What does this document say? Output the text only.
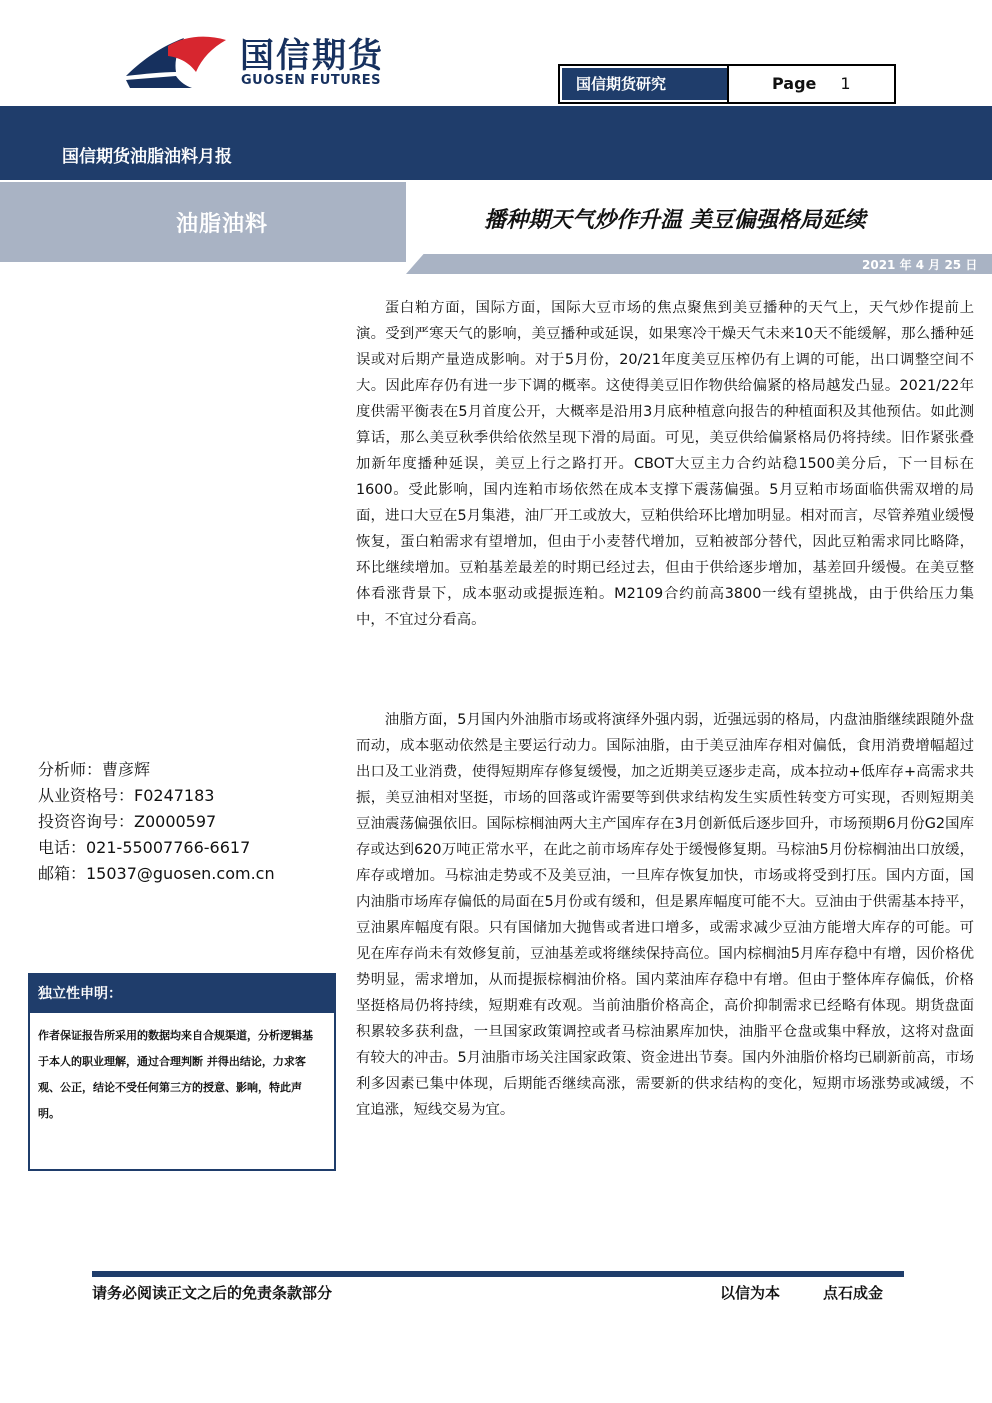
国信期货
GUOSEN FUTURES	国信期货研究	Page 1
国信期货油脂油料月报
油脂油料	播种期天气炒作升温 美豆偏强格局延续
2021 年 4 月 25 日

蛋白粕方面，国际方面，国际大豆市场的焦点聚焦到美豆播种的天气上，天气炒作提前上演。受到严寒天气的影响，美豆播种或延误，如果寒冷干燥天气未来10天不能缓解，那么播种延误或对后期产量造成影响。对于5月份，20/21年度美豆压榨仍有上调的可能，出口调整空间不大。因此库存仍有进一步下调的概率。这使得美豆旧作物供给偏紧的格局越发凸显。2021/22年度供需平衡表在5月首度公开，大概率是沿用3月底种植意向报告的种植面积及其他预估。如此测算话，那么美豆秋季供给依然呈现下滑的局面。可见，美豆供给偏紧格局仍将持续。旧作紧张叠加新年度播种延误，美豆上行之路打开。CBOT大豆主力合约站稳1500美分后，下一目标在1600。受此影响，国内连粕市场依然在成本支撑下震荡偏强。5月豆粕市场面临供需双增的局面，进口大豆在5月集港，油厂开工或放大，豆粕供给环比增加明显。相对而言，尽管养殖业缓慢恢复，蛋白粕需求有望增加，但由于小麦替代增加，豆粕被部分替代，因此豆粕需求同比略降，环比继续增加。豆粕基差最差的时期已经过去，但由于供给逐步增加，基差回升缓慢。在美豆整体看涨背景下，成本驱动或提振连粕。M2109合约前高3800一线有望挑战，由于供给压力集中，不宜过分看高。

油脂方面，5月国内外油脂市场或将演绎外强内弱，近强远弱的格局，内盘油脂继续跟随外盘而动，成本驱动依然是主要运行动力。国际油脂，由于美豆油库存相对偏低，食用消费增幅超过出口及工业消费，使得短期库存修复缓慢，加之近期美豆逐步走高，成本拉动+低库存+高需求共振，美豆油相对坚挺，市场的回落或许需要等到供求结构发生实质性转变方可实现，否则短期美豆油震荡偏强依旧。国际棕榈油两大主产国库存在3月创新低后逐步回升，市场预期6月份G2国库存或达到620万吨正常水平，在此之前市场库存处于缓慢修复期。马棕油5月份棕榈油出口放缓，库存或增加。马棕油走势或不及美豆油，一旦库存恢复加快，市场或将受到打压。国内方面，国内油脂市场库存偏低的局面在5月份或有缓和，但是累库幅度可能不大。豆油由于供需基本持平，豆油累库幅度有限。只有国储加大抛售或者进口增多，或需求减少豆油方能增大库存的可能。可见在库存尚未有效修复前，豆油基差或将继续保持高位。国内棕榈油5月库存稳中有增，因价格优势明显，需求增加，从而提振棕榈油价格。国内菜油库存稳中有增。但由于整体库存偏低，价格坚挺格局仍将持续，短期难有改观。当前油脂价格高企，高价抑制需求已经略有体现。期货盘面积累较多获利盘，一旦国家政策调控或者马棕油累库加快，油脂平仓盘或集中释放，这将对盘面有较大的冲击。5月油脂市场关注国家政策、资金进出节奏。国内外油脂价格均已刷新前高，市场利多因素已集中体现，后期能否继续高涨，需要新的供求结构的变化，短期市场涨势或减缓，不宜追涨，短线交易为宜。

分析师：曹彦辉
从业资格号：F0247183
投资咨询号：Z0000597
电话：021-55007766-6617
邮箱：15037@guosen.com.cn
独立性申明：
作者保证报告所采用的数据均来自合规渠道，分析逻辑基于本人的职业理解，通过合理判断 并得出结论，力求客观、公正，结论不受任何第三方的授意、影响，特此声明。
请务必阅读正文之后的免责条款部分	以信为本	点石成金
